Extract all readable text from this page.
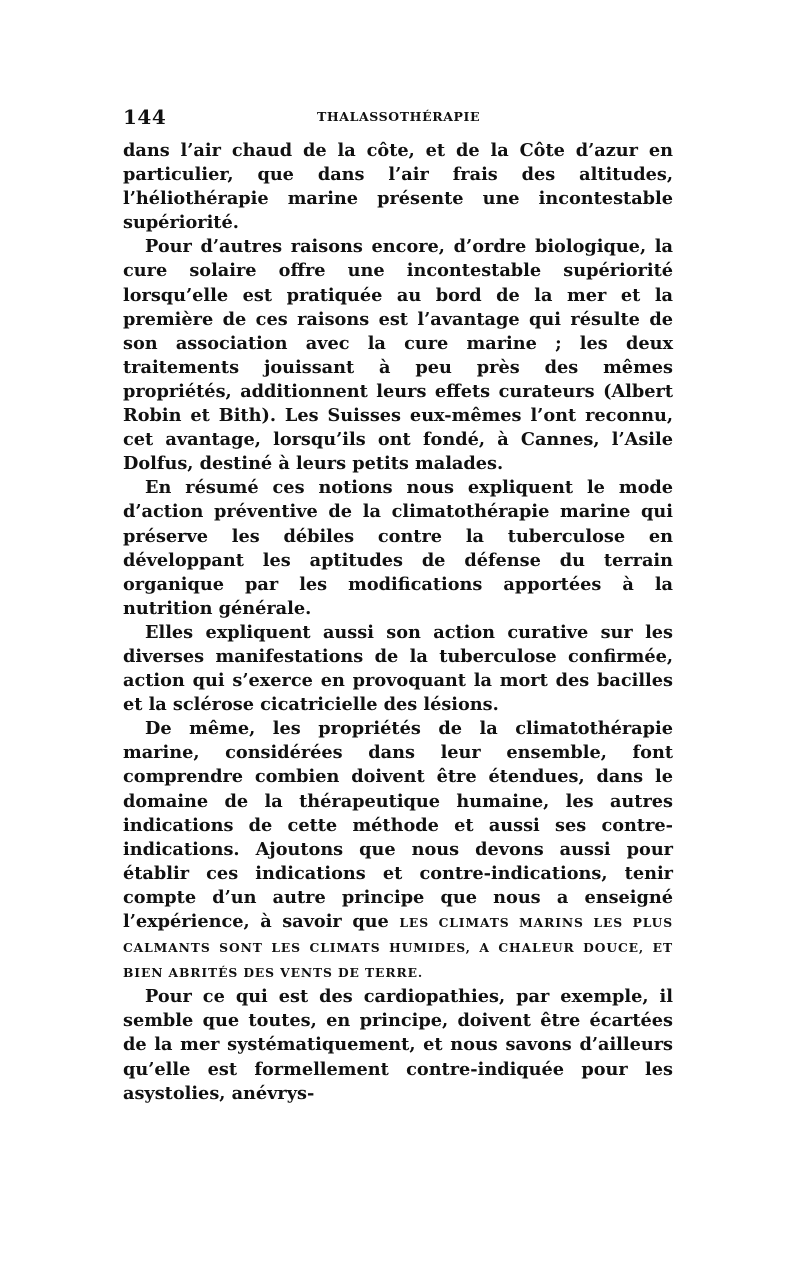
144	THALASSOTHÉRAPIE

dans l’air chaud de la côte, et de la Côte d’azur en particulier, que dans l’air frais des altitudes, l’héliothérapie marine présente une incontestable supériorité.

Pour d’autres raisons encore, d’ordre biologique, la cure solaire offre une incontestable supériorité lorsqu’elle est pratiquée au bord de la mer et la première de ces raisons est l’avantage qui résulte de son association avec la cure marine ; les deux traitements jouissant à peu près des mêmes propriétés, additionnent leurs effets curateurs (Albert Robin et Bith). Les Suisses eux-mêmes l’ont reconnu, cet avantage, lorsqu’ils ont fondé, à Cannes, l’Asile Dolfus, destiné à leurs petits malades.

En résumé ces notions nous expliquent le mode d’action préventive de la climatothérapie marine qui préserve les débiles contre la tuberculose en développant les aptitudes de défense du terrain organique par les modifications apportées à la nutrition générale.

Elles expliquent aussi son action curative sur les diverses manifestations de la tuberculose confirmée, action qui s’exerce en provoquant la mort des bacilles et la sclérose cicatricielle des lésions.

De même, les propriétés de la climatothérapie marine, considérées dans leur ensemble, font comprendre combien doivent être étendues, dans le domaine de la thérapeutique humaine, les autres indications de cette méthode et aussi ses contre-indications. Ajoutons que nous devons aussi pour établir ces indications et contre-indications, tenir compte d’un autre principe que nous a enseigné l’expérience, à savoir que LES CLIMATS MARINS LES PLUS CALMANTS SONT LES CLIMATS HUMIDES, A CHALEUR DOUCE, ET BIEN ABRITÉS DES VENTS DE TERRE.

Pour ce qui est des cardiopathies, par exemple, il semble que toutes, en principe, doivent être écartées de la mer systématiquement, et nous savons d’ailleurs qu’elle est formellement contre-indiquée pour les asystolies, anévrys-
